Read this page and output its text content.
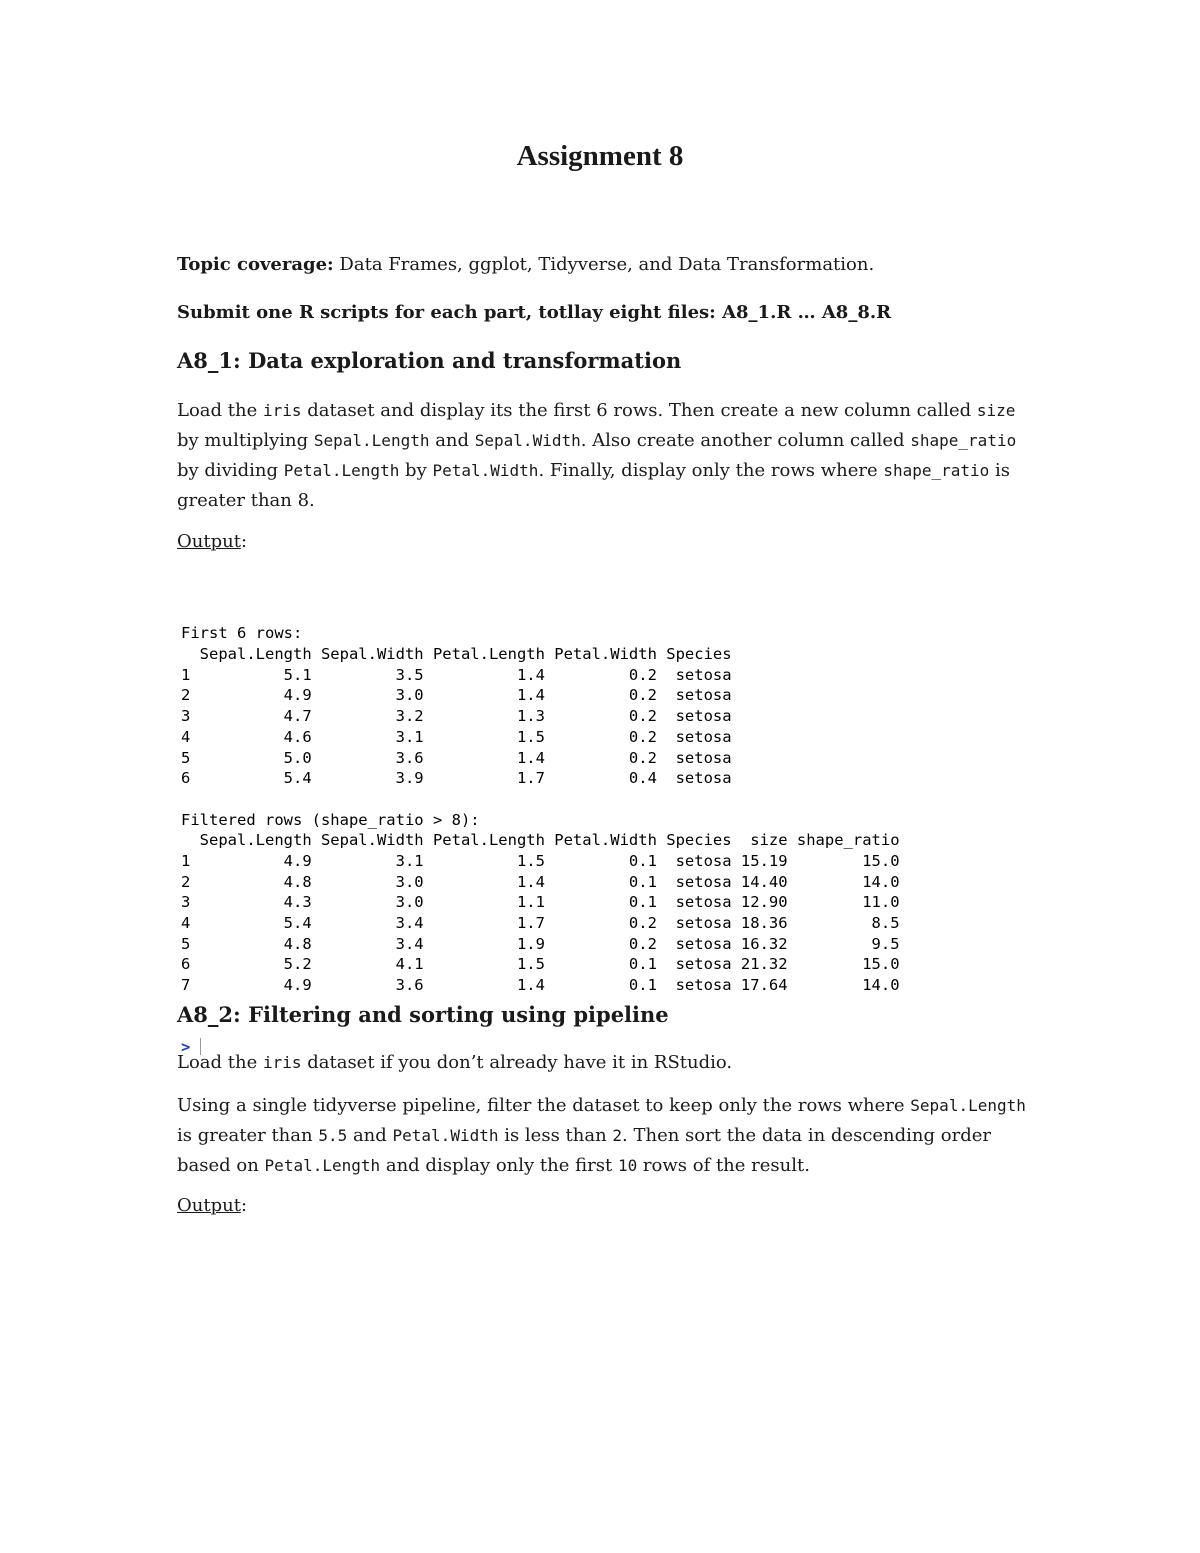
Assignment 8
Topic coverage: Data Frames, ggplot, Tidyverse, and Data Transformation.
Submit one R scripts for each part, totllay eight files: A8_1.R … A8_8.R
A8_1: Data exploration and transformation
Load the iris dataset and display its the first 6 rows. Then create a new column called size by multiplying Sepal.Length and Sepal.Width. Also create another column called shape_ratio by dividing Petal.Length by Petal.Width. Finally, display only the rows where shape_ratio is greater than 8.
Output:

First 6 rows:
Sepal.Length Sepal.Width Petal.Length Petal.Width Species
1          5.1         3.5          1.4         0.2  setosa
2          4.9         3.0          1.4         0.2  setosa
3          4.7         3.2          1.3         0.2  setosa
4          4.6         3.1          1.5         0.2  setosa
5          5.0         3.6          1.4         0.2  setosa
6          5.4         3.9          1.7         0.4  setosa
Filtered rows (shape_ratio > 8):
Sepal.Length Sepal.Width Petal.Length Petal.Width Species  size shape_ratio
1          4.9         3.1          1.5         0.1  setosa 15.19        15.0
2          4.8         3.0          1.4         0.1  setosa 14.40        14.0
3          4.3         3.0          1.1         0.1  setosa 12.90        11.0
4          5.4         3.4          1.7         0.2  setosa 18.36         8.5
5          4.8         3.4          1.9         0.2  setosa 16.32         9.5
6          5.2         4.1          1.5         0.1  setosa 21.32        15.0
7          4.9         3.6          1.4         0.1  setosa 17.64        14.0

>

A8_2: Filtering and sorting using pipeline
Load the iris dataset if you don’t already have it in RStudio.
Using a single tidyverse pipeline, filter the dataset to keep only the rows where Sepal.Length is greater than 5.5 and Petal.Width is less than 2. Then sort the data in descending order based on Petal.Length and display only the first 10 rows of the result.
Output:
